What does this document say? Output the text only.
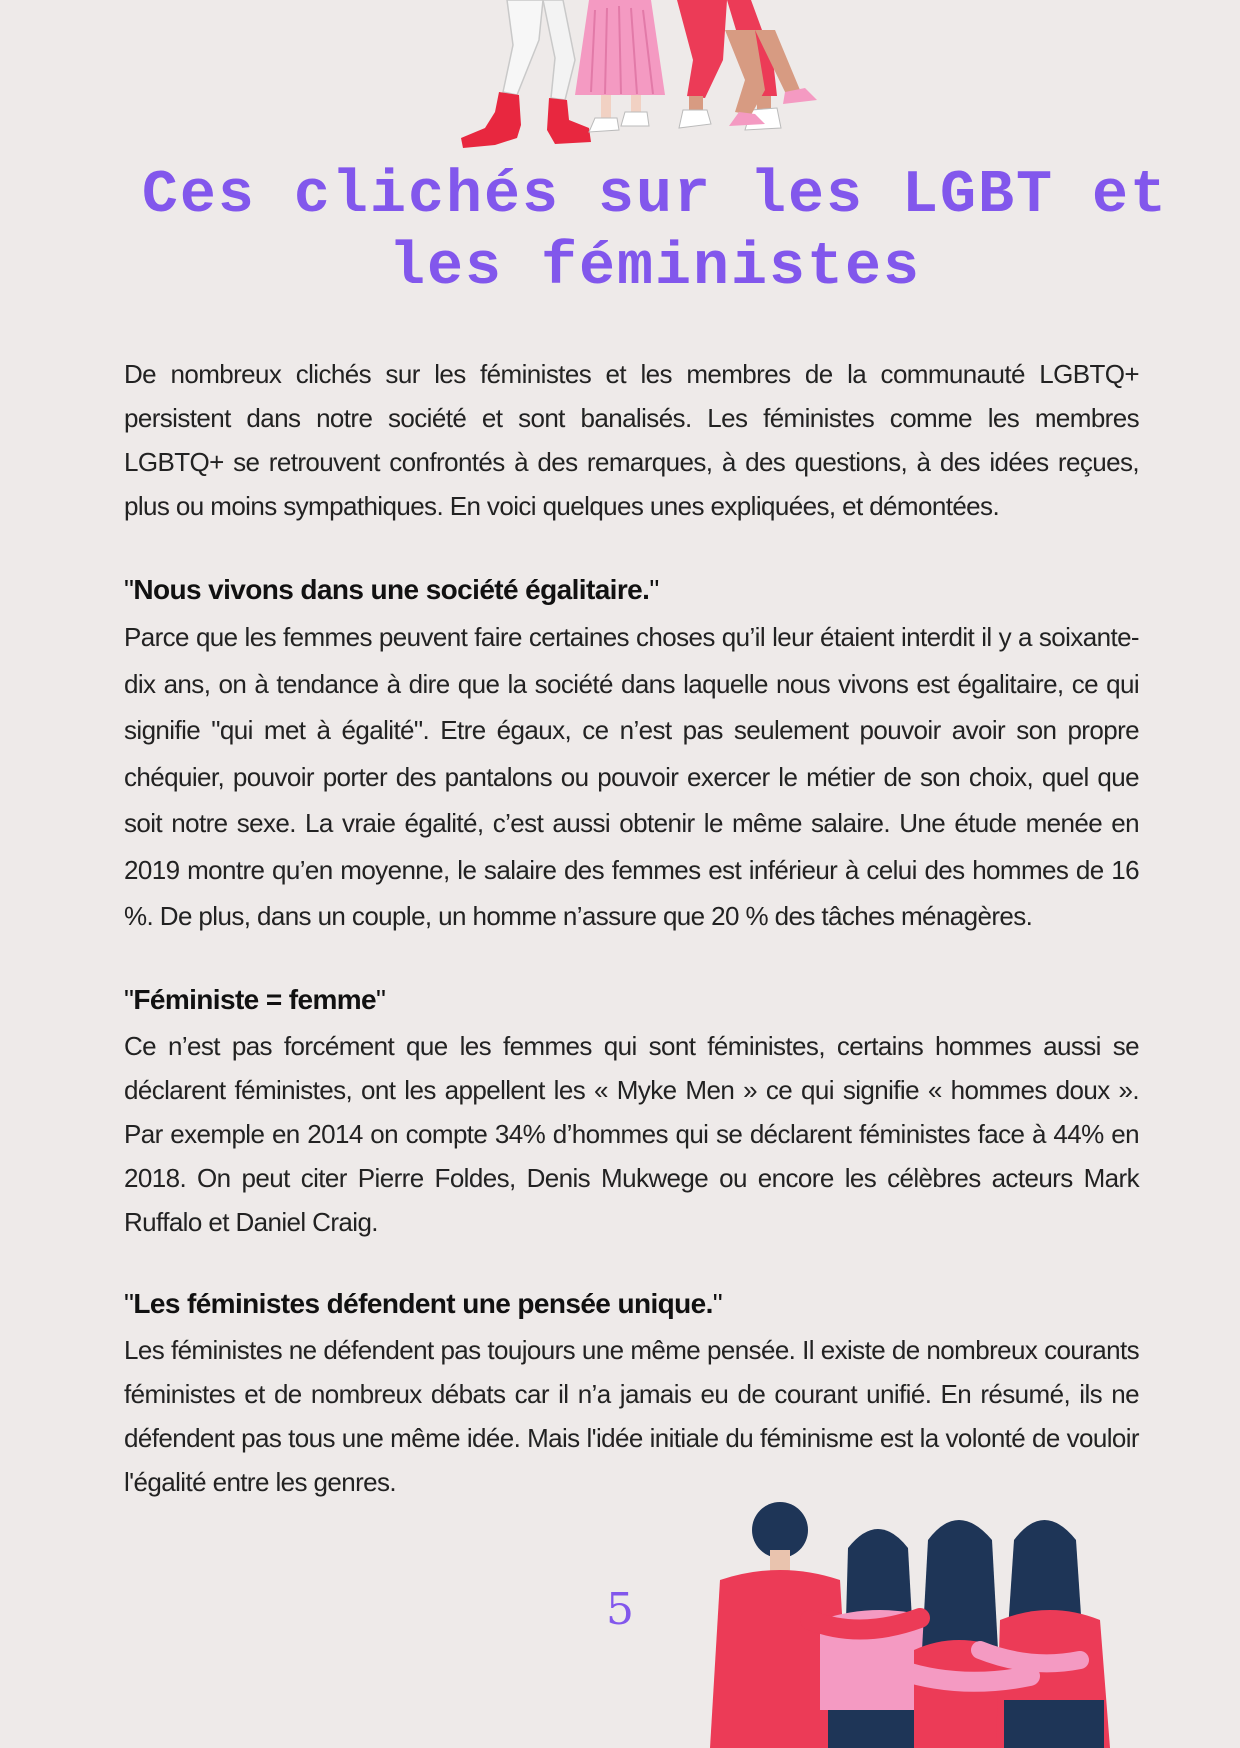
Ces clichés sur les LGBT et les féministes

De nombreux clichés sur les féministes et les membres de la communauté LGBTQ+ persistent dans notre société et sont banalisés. Les féministes comme les membres LGBTQ+ se retrouvent confrontés à des remarques, à des questions, à des idées reçues, plus ou moins sympathiques. En voici quelques unes expliquées, et démontées.

"Nous vivons dans une société égalitaire."

Parce que les femmes peuvent faire certaines choses qu’il leur étaient interdit il y a soixante-dix ans, on à tendance à dire que la société dans laquelle nous vivons est égalitaire, ce qui signifie "qui met à égalité". Etre égaux, ce n’est pas seulement pouvoir avoir son propre chéquier, pouvoir porter des pantalons ou pouvoir exercer le métier de son choix, quel que soit notre sexe. La vraie égalité, c’est aussi obtenir le même salaire. Une étude menée en 2019 montre qu’en moyenne, le salaire des femmes est inférieur à celui des hommes de 16 %. De plus, dans un couple, un homme n’assure que 20 % des tâches ménagères.

"Féministe = femme"

Ce n’est pas forcément que les femmes qui sont féministes, certains hommes aussi se déclarent féministes, ont les appellent les « Myke Men » ce qui signifie « hommes doux ». Par exemple en 2014 on compte 34% d’hommes qui se déclarent féministes face à 44% en 2018. On peut citer Pierre Foldes, Denis Mukwege ou encore les célèbres acteurs Mark Ruffalo et Daniel Craig.

"Les féministes défendent une pensée unique."

Les féministes ne défendent pas toujours une même pensée. Il existe de nombreux courants féministes et de nombreux débats car il n’a jamais eu de courant unifié. En résumé, ils ne défendent pas tous une même idée. Mais l'idée initiale du féminisme est la volonté de vouloir l'égalité entre les genres.

5
